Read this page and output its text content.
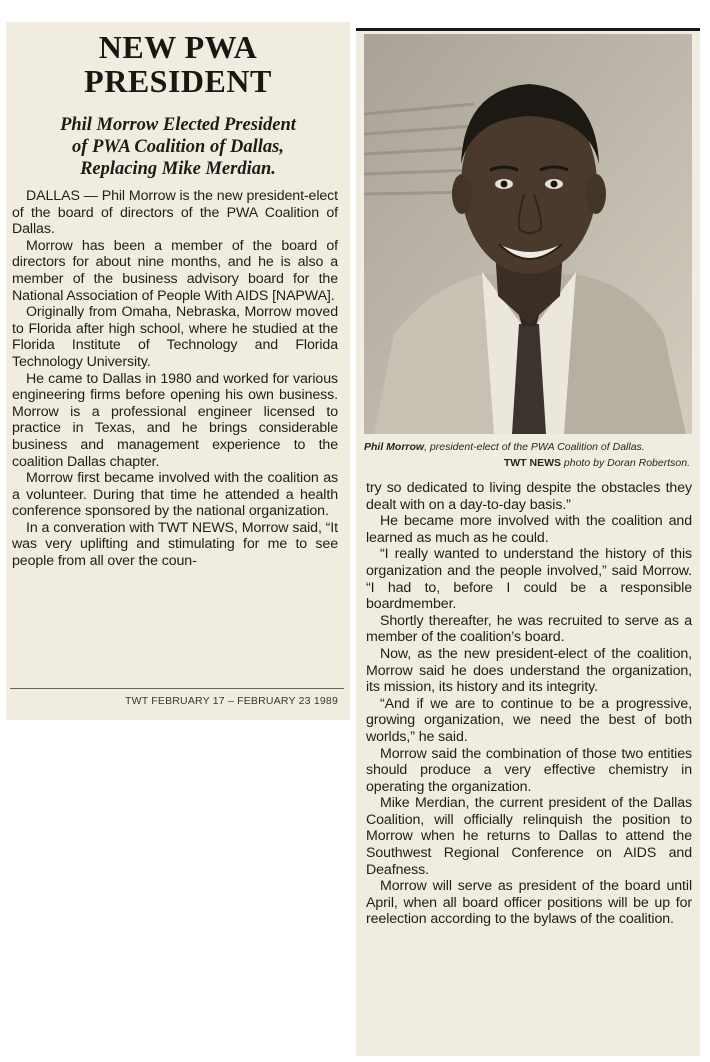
NEW PWA
PRESIDENT
Phil Morrow Elected President
of PWA Coalition of Dallas,
Replacing Mike Merdian.

DALLAS — Phil Morrow is the new president-elect of the board of directors of the PWA Coalition of Dallas.

Morrow has been a member of the board of directors for about nine months, and he is also a member of the business advisory board for the National Association of People With AIDS [NAPWA].

Originally from Omaha, Nebraska, Morrow moved to Florida after high school, where he studied at the Florida Institute of Technology and Florida Technology University.

He came to Dallas in 1980 and worked for various engineering firms before opening his own business. Morrow is a professional engineer licensed to practice in Texas, and he brings considerable business and management experience to the coalition Dallas chapter.

Morrow first became involved with the coalition as a volunteer. During that time he attended a health conference sponsored by the national organization.

In a converation with TWT NEWS, Morrow said, “It was very uplifting and stimulating for me to see people from all over the coun-

TWT FEBRUARY 17 – FEBRUARY 23 1989
Phil Morrow, president-elect of the PWA Coalition of Dallas.
TWT NEWS photo by Doran Robertson.

try so dedicated to living despite the obstacles they dealt with on a day-to-day basis.”

He became more involved with the coalition and learned as much as he could.

“I really wanted to understand the history of this organization and the people involved,” said Morrow. “I had to, before I could be a responsible boardmember.

Shortly thereafter, he was recruited to serve as a member of the coalition’s board.

Now, as the new president-elect of the coalition, Morrow said he does understand the organization, its mission, its history and its integrity.

“And if we are to continue to be a progressive, growing organization, we need the best of both worlds,” he said.

Morrow said the combination of those two entities should produce a very effective chemistry in operating the organization.

Mike Merdian, the current president of the Dallas Coalition, will officially relinquish the position to Morrow when he returns to Dallas to attend the Southwest Regional Conference on AIDS and Deafness.

Morrow will serve as president of the board until April, when all board officer positions will be up for reelection according to the bylaws of the coalition.
